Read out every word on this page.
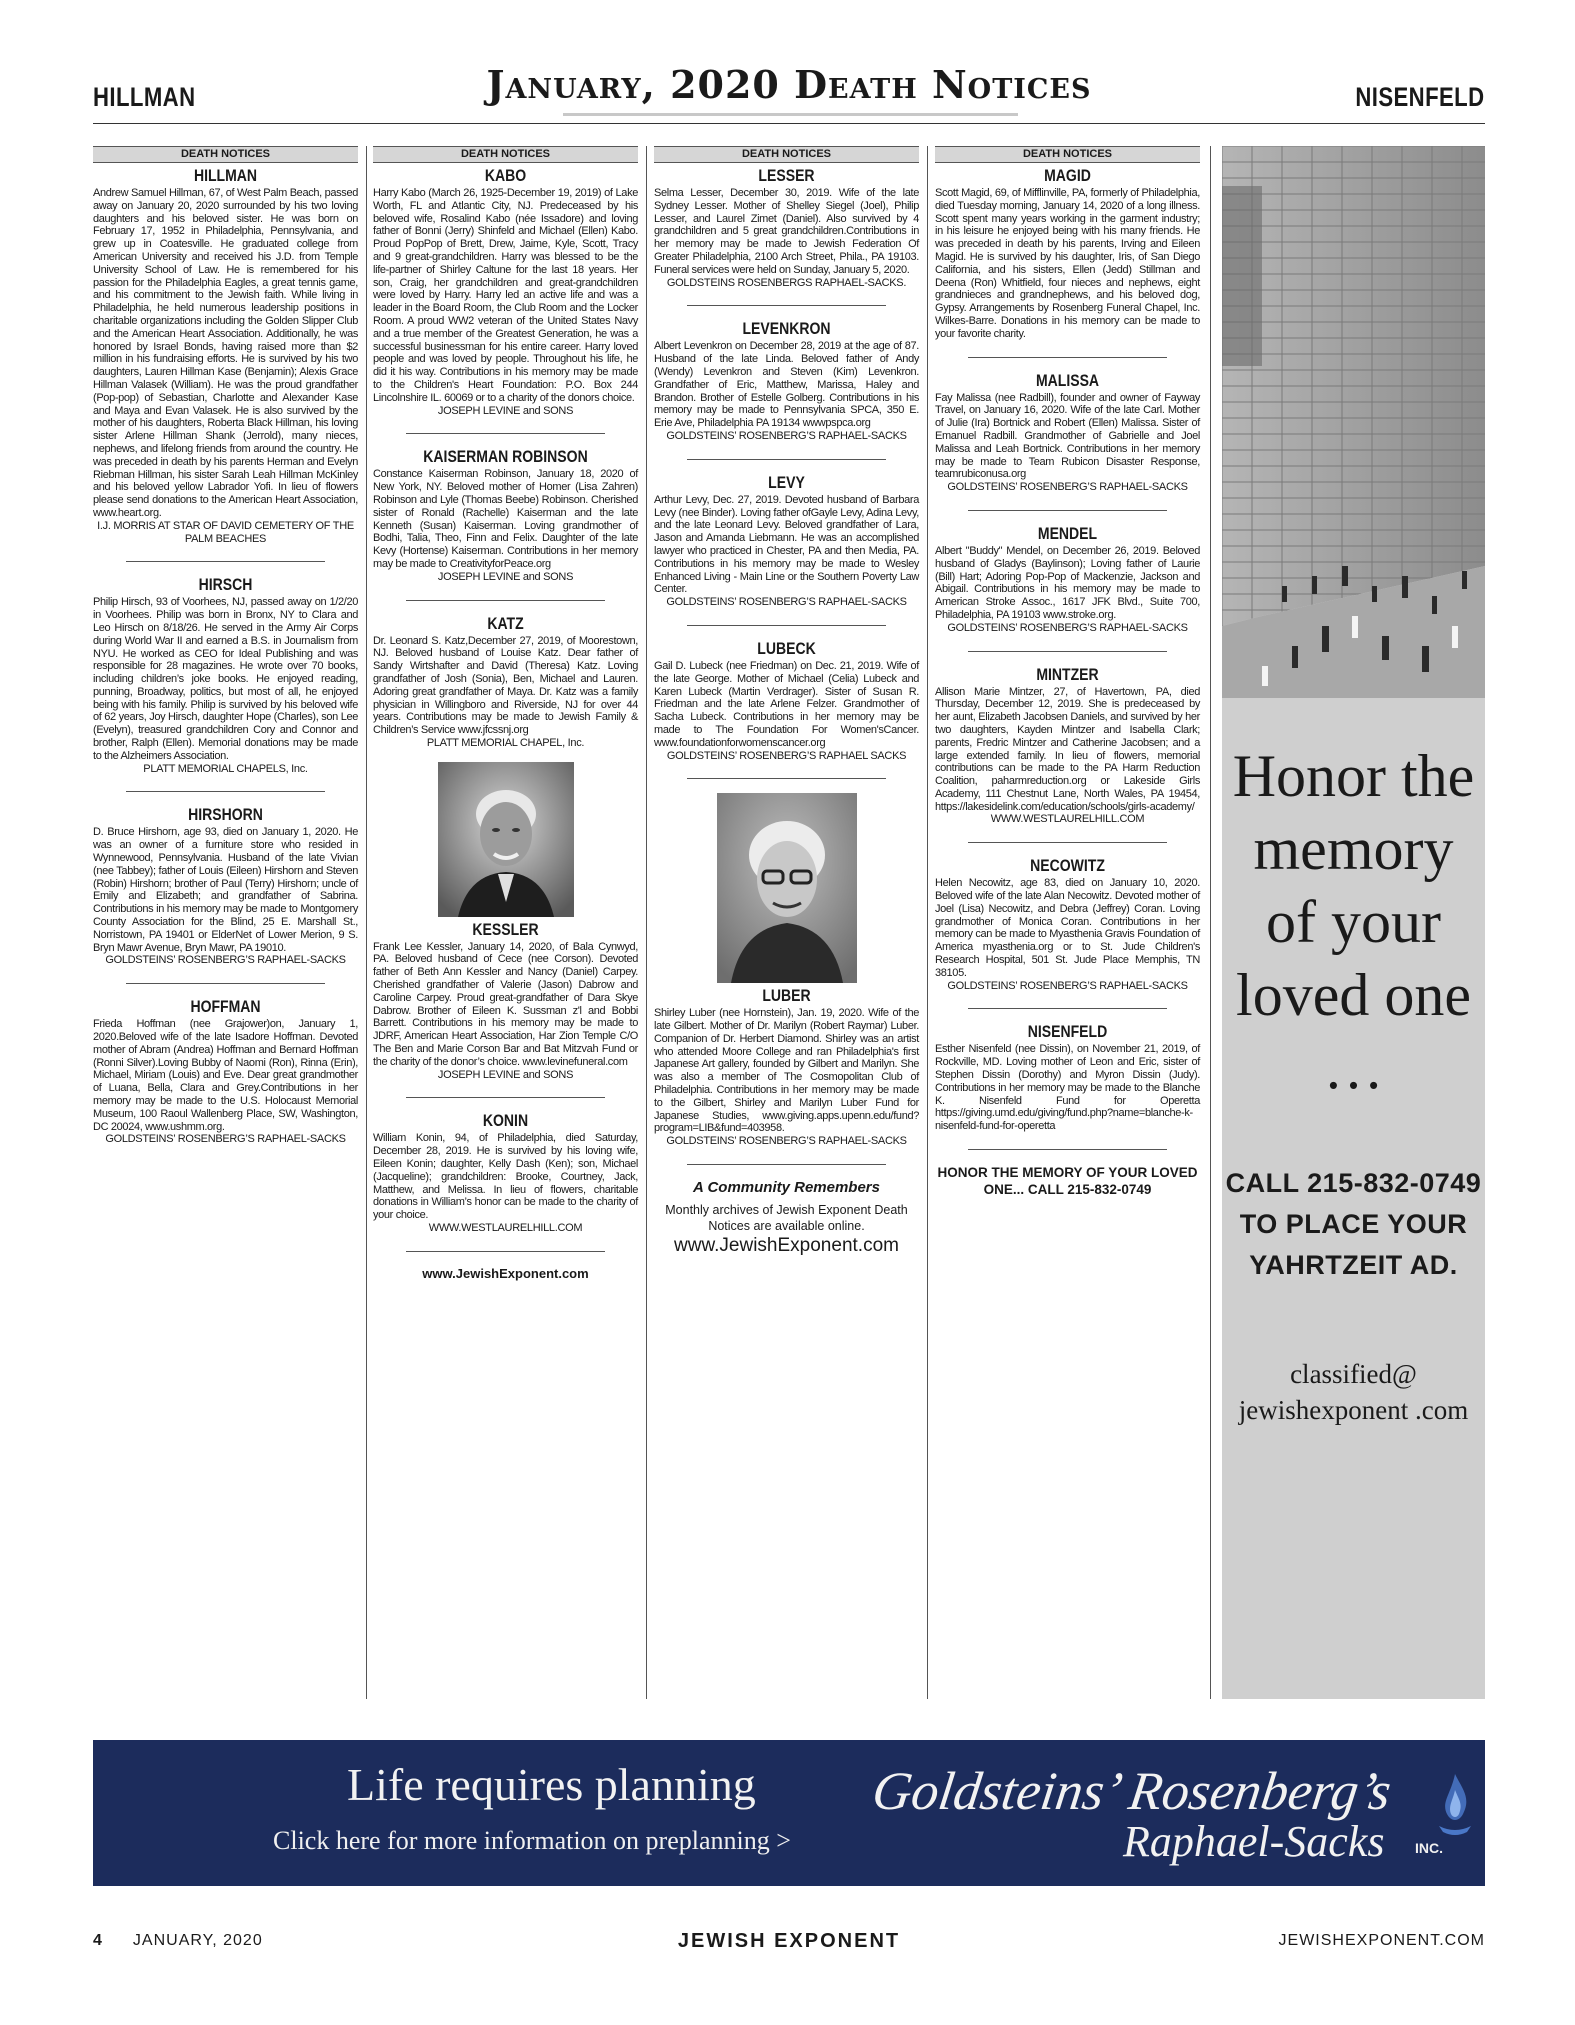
HILLMAN	January, 2020 Death Notices	NISENFELD
DEATH NOTICES
HILLMAN
Andrew Samuel Hillman, 67, of West Palm Beach, passed away on January 20, 2020 surrounded by his two loving daughters and his beloved sister. He was born on February 17, 1952 in Philadelphia, Pennsylvania, and grew up in Coatesville. He graduated college from American University and received his J.D. from Temple University School of Law. He is remembered for his passion for the Philadelphia Eagles, a great tennis game, and his commitment to the Jewish faith. While living in Philadelphia, he held numerous leadership positions in charitable organizations including the Golden Slipper Club and the American Heart Association. Additionally, he was honored by Israel Bonds, having raised more than $2 million in his fundraising efforts. He is survived by his two daughters, Lauren Hillman Kase (Benjamin); Alexis Grace Hillman Valasek (William). He was the proud grandfather (Pop-pop) of Sebastian, Charlotte and Alexander Kase and Maya and Evan Valasek. He is also survived by the mother of his daughters, Roberta Black Hillman, his loving sister Arlene Hillman Shank (Jerrold), many nieces, nephews, and lifelong friends from around the country. He was preceded in death by his parents Herman and Evelyn Riebman Hillman, his sister Sarah Leah Hillman McKinley and his beloved yellow Labrador Yofi. In lieu of flowers please send donations to the American Heart Association, www.heart.org.
I.J. MORRIS AT STAR OF DAVID CEMETERY OF THE PALM BEACHES
HIRSCH
Philip Hirsch, 93 of Voorhees, NJ, passed away on 1/2/20 in Voorhees. Philip was born in Bronx, NY to Clara and Leo Hirsch on 8/18/26. He served in the Army Air Corps during World War II and earned a B.S. in Journalism from NYU. He worked as CEO for Ideal Publishing and was responsible for 28 magazines. He wrote over 70 books, including children’s joke books. He enjoyed reading, punning, Broadway, politics, but most of all, he enjoyed being with his family. Philip is survived by his beloved wife of 62 years, Joy Hirsch, daughter Hope (Charles), son Lee (Evelyn), treasured grandchildren Cory and Connor and brother, Ralph (Ellen). Memorial donations may be made to the Alzheimers Association.
PLATT MEMORIAL CHAPELS, Inc.
HIRSHORN
D. Bruce Hirshorn, age 93, died on January 1, 2020. He was an owner of a furniture store who resided in Wynnewood, Pennsylvania. Husband of the late Vivian (nee Tabbey); father of Louis (Eileen) Hirshorn and Steven (Robin) Hirshorn; brother of Paul (Terry) Hirshorn; uncle of Emily and Elizabeth; and grandfather of Sabrina. Contributions in his memory may be made to Montgomery County Association for the Blind, 25 E. Marshall St., Norristown, PA 19401 or ElderNet of Lower Merion, 9 S. Bryn Mawr Avenue, Bryn Mawr, PA 19010.
GOLDSTEINS’ ROSENBERG’S RAPHAEL-SACKS
HOFFMAN
Frieda Hoffman (nee Grajower)on, January 1, 2020.Beloved wife of the late Isadore Hoffman. Devoted mother of Abram (Andrea) Hoffman and Bernard Hoffman (Ronni Silver).Loving Bubby of Naomi (Ron), Rinna (Erin), Michael, Miriam (Louis) and Eve. Dear great grandmother of Luana, Bella, Clara and Grey.Contributions in her memory may be made to the U.S. Holocaust Memorial Museum, 100 Raoul Wallenberg Place, SW, Washington, DC 20024, www.ushmm.org.
GOLDSTEINS’ ROSENBERG’S RAPHAEL-SACKS
DEATH NOTICES
KABO
Harry Kabo (March 26, 1925-December 19, 2019) of Lake Worth, FL and Atlantic City, NJ. Predeceased by his beloved wife, Rosalind Kabo (née Issadore) and loving father of Bonni (Jerry) Shinfeld and Michael (Ellen) Kabo. Proud PopPop of Brett, Drew, Jaime, Kyle, Scott, Tracy and 9 great-grandchildren. Harry was blessed to be the life-partner of Shirley Caltune for the last 18 years. Her son, Craig, her grandchildren and great-grandchildren were loved by Harry. Harry led an active life and was a leader in the Board Room, the Club Room and the Locker Room. A proud WW2 veteran of the United States Navy and a true member of the Greatest Generation, he was a successful businessman for his entire career. Harry loved people and was loved by people. Throughout his life, he did it his way. Contributions in his memory may be made to the Children's Heart Foundation: P.O. Box 244 Lincolnshire IL. 60069 or to a charity of the donors choice.
JOSEPH LEVINE and SONS
KAISERMAN ROBINSON
Constance Kaiserman Robinson, January 18, 2020 of New York, NY. Beloved mother of Homer (Lisa Zahren) Robinson and Lyle (Thomas Beebe) Robinson. Cherished sister of Ronald (Rachelle) Kaiserman and the late Kenneth (Susan) Kaiserman. Loving grandmother of Bodhi, Talia, Theo, Finn and Felix. Daughter of the late Kevy (Hortense) Kaiserman. Contributions in her memory may be made to CreativityforPeace.org
JOSEPH LEVINE and SONS
KATZ
Dr. Leonard S. Katz,December 27, 2019, of Moorestown, NJ. Beloved husband of Louise Katz. Dear father of Sandy Wirtshafter and David (Theresa) Katz. Loving grandfather of Josh (Sonia), Ben, Michael and Lauren. Adoring great grandfather of Maya. Dr. Katz was a family physician in Willingboro and Riverside, NJ for over 44 years. Contributions may be made to Jewish Family & Children’s Service www.jfcssnj.org
PLATT MEMORIAL CHAPEL, Inc.
KESSLER
Frank Lee Kessler, January 14, 2020, of Bala Cynwyd, PA. Beloved husband of Cece (nee Corson). Devoted father of Beth Ann Kessler and Nancy (Daniel) Carpey. Cherished grandfather of Valerie (Jason) Dabrow and Caroline Carpey. Proud great-grandfather of Dara Skye Dabrow. Brother of Eileen K. Sussman z'l and Bobbi Barrett. Contributions in his memory may be made to JDRF, American Heart Association, Har Zion Temple C/O The Ben and Marie Corson Bar and Bat Mitzvah Fund or the charity of the donor’s choice. www.levinefuneral.com
JOSEPH LEVINE and SONS
KONIN
William Konin, 94, of Philadelphia, died Saturday, December 28, 2019. He is survived by his loving wife, Eileen Konin; daughter, Kelly Dash (Ken); son, Michael (Jacqueline); grandchildren: Brooke, Courtney, Jack, Matthew, and Melissa. In lieu of flowers, charitable donations in William’s honor can be made to the charity of your choice.
WWW.WESTLAURELHILL.COM
www.JewishExponent.com
DEATH NOTICES
LESSER
Selma Lesser, December 30, 2019. Wife of the late Sydney Lesser. Mother of Shelley Siegel (Joel), Philip Lesser, and Laurel Zimet (Daniel). Also survived by 4 grandchildren and 5 great grandchildren.Contributions in her memory may be made to Jewish Federation Of Greater Philadelphia, 2100 Arch Street, Phila., PA 19103. Funeral services were held on Sunday, January 5, 2020.
GOLDSTEINS ROSENBERGS RAPHAEL-SACKS.
LEVENKRON
Albert Levenkron on December 28, 2019 at the age of 87. Husband of the late Linda. Beloved father of Andy (Wendy) Levenkron and Steven (Kim) Levenkron. Grandfather of Eric, Matthew, Marissa, Haley and Brandon. Brother of Estelle Golberg. Contributions in his memory may be made to Pennsylvania SPCA, 350 E. Erie Ave, Philadelphia PA 19134 wwwpspca.org
GOLDSTEINS’ ROSENBERG’S RAPHAEL-SACKS
LEVY
Arthur Levy, Dec. 27, 2019. Devoted husband of Barbara Levy (nee Binder). Loving father ofGayle Levy, Adina Levy, and the late Leonard Levy. Beloved grandfather of Lara, Jason and Amanda Liebmann. He was an accomplished lawyer who practiced in Chester, PA and then Media, PA. Contributions in his memory may be made to Wesley Enhanced Living - Main Line or the Southern Poverty Law Center.
GOLDSTEINS’ ROSENBERG’S RAPHAEL-SACKS
LUBECK
Gail D. Lubeck (nee Friedman) on Dec. 21, 2019. Wife of the late George. Mother of Michael (Celia) Lubeck and Karen Lubeck (Martin Verdrager). Sister of Susan R. Friedman and the late Arlene Felzer. Grandmother of Sacha Lubeck. Contributions in her memory may be made to The Foundation For Women'sCancer. www.foundationforwomenscancer.org
GOLDSTEINS’ ROSENBERG’S RAPHAEL SACKS
LUBER
Shirley Luber (nee Hornstein), Jan. 19, 2020. Wife of the late Gilbert. Mother of Dr. Marilyn (Robert Raymar) Luber. Companion of Dr. Herbert Diamond. Shirley was an artist who attended Moore College and ran Philadelphia's first Japanese Art gallery, founded by Gilbert and Marilyn. She was also a member of The Cosmopolitan Club of Philadelphia. Contributions in her memory may be made to the Gilbert, Shirley and Marilyn Luber Fund for Japanese Studies, www.giving.apps.upenn.edu/fund?program=LIB&fund=403958.
GOLDSTEINS’ ROSENBERG’S RAPHAEL-SACKS
A Community Remembers
Monthly archives of Jewish Exponent Death Notices are available online.
www.JewishExponent.com
DEATH NOTICES
MAGID
Scott Magid, 69, of Mifflinville, PA, formerly of Philadelphia, died Tuesday morning, January 14, 2020 of a long illness. Scott spent many years working in the garment industry; in his leisure he enjoyed being with his many friends. He was preceded in death by his parents, Irving and Eileen Magid. He is survived by his daughter, Iris, of San Diego California, and his sisters, Ellen (Jedd) Stillman and Deena (Ron) Whitfield, four nieces and nephews, eight grandnieces and grandnephews, and his beloved dog, Gypsy. Arrangements by Rosenberg Funeral Chapel, Inc. Wilkes-Barre. Donations in his memory can be made to your favorite charity.
MALISSA
Fay Malissa (nee Radbill), founder and owner of Fayway Travel, on January 16, 2020. Wife of the late Carl. Mother of Julie (Ira) Bortnick and Robert (Ellen) Malissa. Sister of Emanuel Radbill. Grandmother of Gabrielle and Joel Malissa and Leah Bortnick. Contributions in her memory may be made to Team Rubicon Disaster Response, teamrubiconusa.org
GOLDSTEINS’ ROSENBERG’S RAPHAEL-SACKS
MENDEL
Albert "Buddy" Mendel, on December 26, 2019. Beloved husband of Gladys (Baylinson); Loving father of Laurie (Bill) Hart; Adoring Pop-Pop of Mackenzie, Jackson and Abigail. Contributions in his memory may be made to American Stroke Assoc., 1617 JFK Blvd., Suite 700, Philadelphia, PA 19103 www.stroke.org.
GOLDSTEINS’ ROSENBERG’S RAPHAEL-SACKS
MINTZER
Allison Marie Mintzer, 27, of Havertown, PA, died Thursday, December 12, 2019. She is predeceased by her aunt, Elizabeth Jacobsen Daniels, and survived by her two daughters, Kayden Mintzer and Isabella Clark; parents, Fredric Mintzer and Catherine Jacobsen; and a large extended family. In lieu of flowers, memorial contributions can be made to the PA Harm Reduction Coalition, paharmreduction.org or Lakeside Girls Academy, 111 Chestnut Lane, North Wales, PA 19454, https://lakesidelink.com/education/schools/girls-academy/
WWW.WESTLAURELHILL.COM
NECOWITZ
Helen Necowitz, age 83, died on January 10, 2020. Beloved wife of the late Alan Necowitz. Devoted mother of Joel (Lisa) Necowitz, and Debra (Jeffrey) Coran. Loving grandmother of Monica Coran. Contributions in her memory can be made to Myasthenia Gravis Foundation of America myasthenia.org or to St. Jude Children's Research Hospital, 501 St. Jude Place Memphis, TN 38105.
GOLDSTEINS’ ROSENBERG’S RAPHAEL-SACKS
NISENFELD
Esther Nisenfeld (nee Dissin), on November 21, 2019, of Rockville, MD. Loving mother of Leon and Eric, sister of Stephen Dissin (Dorothy) and Myron Dissin (Judy). Contributions in her memory may be made to the Blanche K. Nisenfeld Fund for Operetta https://giving.umd.edu/giving/fund.php?name=blanche-k-nisenfeld-fund-for-operetta
HONOR THE MEMORY OF YOUR LOVED ONE... CALL 215-832-0749
Honor the memory of your loved one …
CALL 215-832-0749 TO PLACE YOUR YAHRTZEIT AD.
classified@ jewishexponent .com
Life requires planning
Click here for more information on preplanning >
Goldsteins’ Rosenberg’s
Raphael-Sacks INC.
4 JANUARY, 2020	JEWISH EXPONENT	JEWISHEXPONENT.COM
